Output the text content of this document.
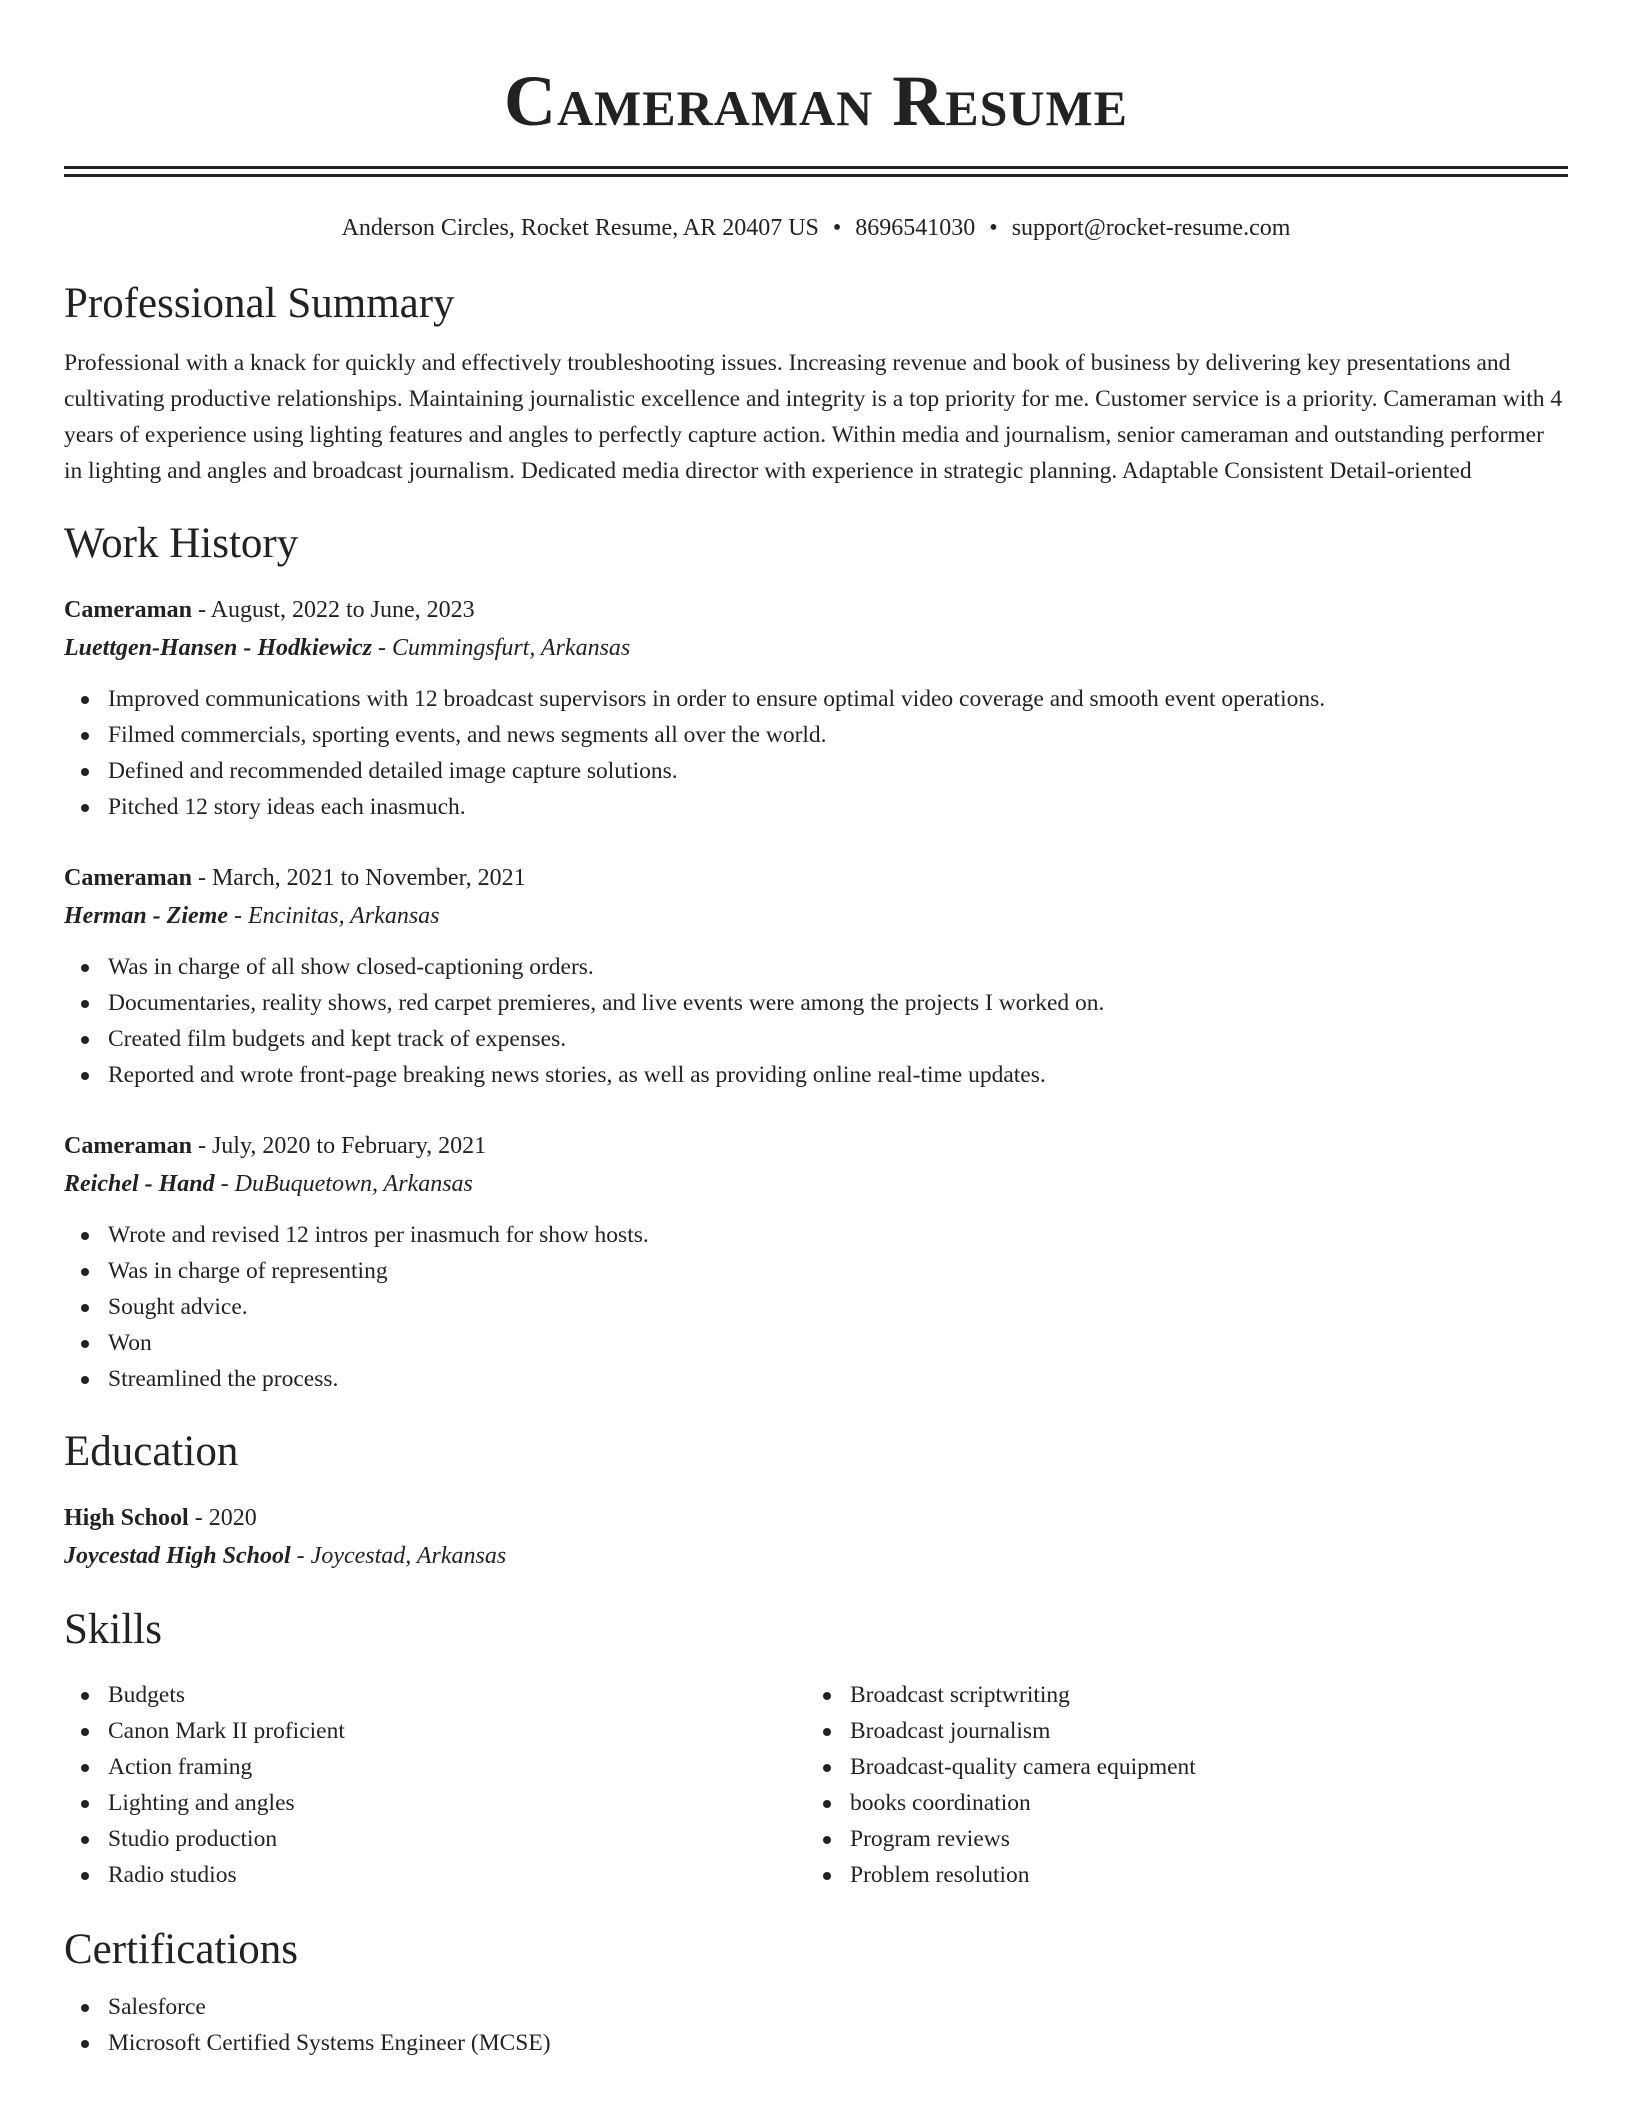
Cameraman Resume
Anderson Circles, Rocket Resume, AR 20407 US • 8696541030 • support@rocket-resume.com
Professional Summary

Professional with a knack for quickly and effectively troubleshooting issues. Increasing revenue and book of business by delivering key presentations and cultivating productive relationships. Maintaining journalistic excellence and integrity is a top priority for me. Customer service is a priority. Cameraman with 4 years of experience using lighting features and angles to perfectly capture action. Within media and journalism, senior cameraman and outstanding performer in lighting and angles and broadcast journalism. Dedicated media director with experience in strategic planning. Adaptable Consistent Detail-oriented

Work History
Cameraman - August, 2022 to June, 2023
Luettgen-Hansen - Hodkiewicz - Cummingsfurt, Arkansas
Improved communications with 12 broadcast supervisors in order to ensure optimal video coverage and smooth event operations.
Filmed commercials, sporting events, and news segments all over the world.
Defined and recommended detailed image capture solutions.
Pitched 12 story ideas each inasmuch.
Cameraman - March, 2021 to November, 2021
Herman - Zieme - Encinitas, Arkansas
Was in charge of all show closed-captioning orders.
Documentaries, reality shows, red carpet premieres, and live events were among the projects I worked on.
Created film budgets and kept track of expenses.
Reported and wrote front-page breaking news stories, as well as providing online real-time updates.
Cameraman - July, 2020 to February, 2021
Reichel - Hand - DuBuquetown, Arkansas
Wrote and revised 12 intros per inasmuch for show hosts.
Was in charge of representing
Sought advice.
Won
Streamlined the process.
Education
High School - 2020
Joycestad High School - Joycestad, Arkansas
Skills
Budgets
Canon Mark II proficient
Action framing
Lighting and angles
Studio production
Radio studios
Broadcast scriptwriting
Broadcast journalism
Broadcast-quality camera equipment
books coordination
Program reviews
Problem resolution
Certifications
Salesforce
Microsoft Certified Systems Engineer (MCSE)
